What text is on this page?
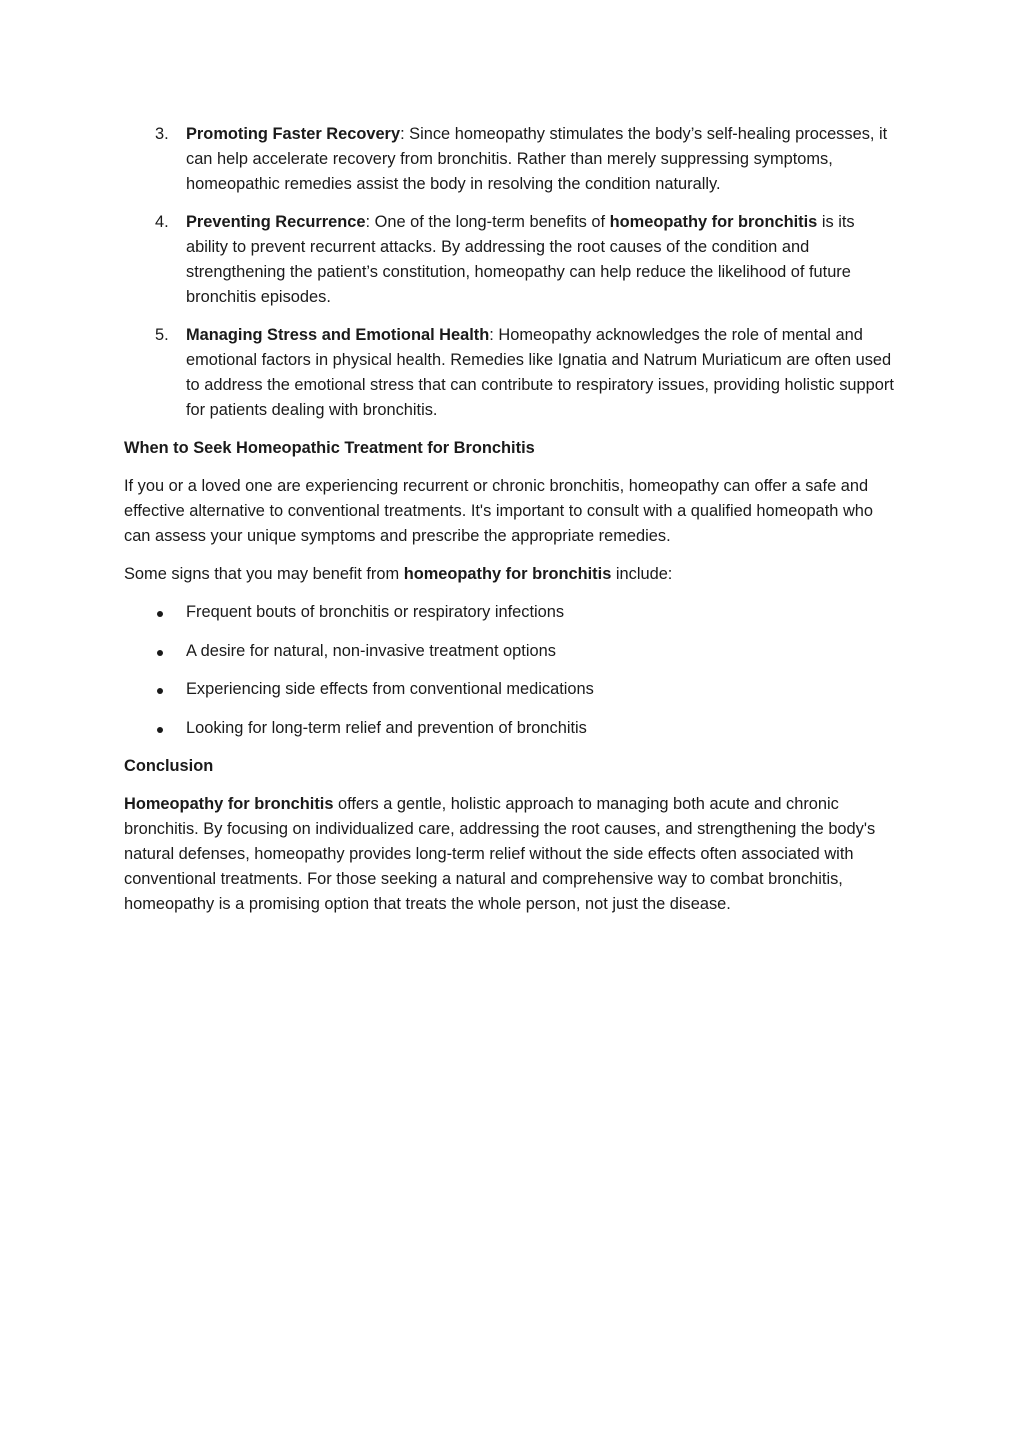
3. Promoting Faster Recovery: Since homeopathy stimulates the body’s self-healing processes, it can help accelerate recovery from bronchitis. Rather than merely suppressing symptoms, homeopathic remedies assist the body in resolving the condition naturally.
4. Preventing Recurrence: One of the long-term benefits of homeopathy for bronchitis is its ability to prevent recurrent attacks. By addressing the root causes of the condition and strengthening the patient’s constitution, homeopathy can help reduce the likelihood of future bronchitis episodes.
5. Managing Stress and Emotional Health: Homeopathy acknowledges the role of mental and emotional factors in physical health. Remedies like Ignatia and Natrum Muriaticum are often used to address the emotional stress that can contribute to respiratory issues, providing holistic support for patients dealing with bronchitis.

When to Seek Homeopathic Treatment for Bronchitis

If you or a loved one are experiencing recurrent or chronic bronchitis, homeopathy can offer a safe and effective alternative to conventional treatments. It's important to consult with a qualified homeopath who can assess your unique symptoms and prescribe the appropriate remedies.

Some signs that you may benefit from homeopathy for bronchitis include:

Frequent bouts of bronchitis or respiratory infections
A desire for natural, non-invasive treatment options
Experiencing side effects from conventional medications
Looking for long-term relief and prevention of bronchitis

Conclusion

Homeopathy for bronchitis offers a gentle, holistic approach to managing both acute and chronic bronchitis. By focusing on individualized care, addressing the root causes, and strengthening the body's natural defenses, homeopathy provides long-term relief without the side effects often associated with conventional treatments. For those seeking a natural and comprehensive way to combat bronchitis, homeopathy is a promising option that treats the whole person, not just the disease.
